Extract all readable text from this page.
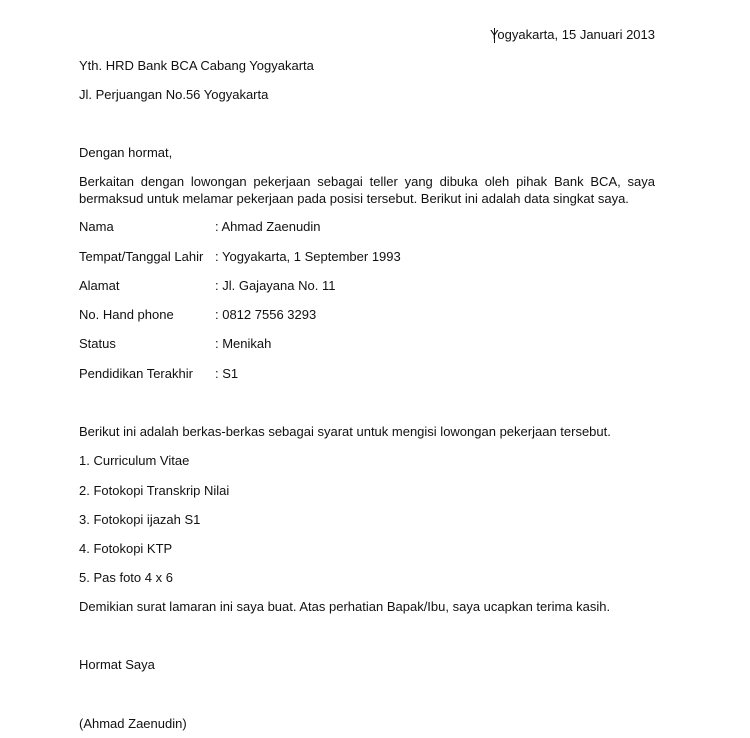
Yogyakarta, 15 Januari 2013
Yth. HRD Bank BCA Cabang Yogyakarta
Jl. Perjuangan No.56 Yogyakarta
Dengan hormat,
Berkaitan dengan lowongan pekerjaan sebagai teller yang dibuka oleh pihak Bank BCA, saya
bermaksud untuk melamar pekerjaan pada posisi tersebut. Berikut ini adalah data singkat saya.
Nama	: Ahmad Zaenudin
Tempat/Tanggal Lahir : Yogyakarta, 1 September 1993
Alamat	: Jl. Gajayana No. 11
No. Hand phone	: 0812 7556 3293
Status	: Menikah
Pendidikan Terakhir : S1
Berikut ini adalah berkas-berkas sebagai syarat untuk mengisi lowongan pekerjaan tersebut.
1. Curriculum Vitae
2. Fotokopi Transkrip Nilai
3. Fotokopi ijazah S1
4. Fotokopi KTP
5. Pas foto 4 x 6
Demikian surat lamaran ini saya buat. Atas perhatian Bapak/Ibu, saya ucapkan terima kasih.
Hormat Saya
(Ahmad Zaenudin)
